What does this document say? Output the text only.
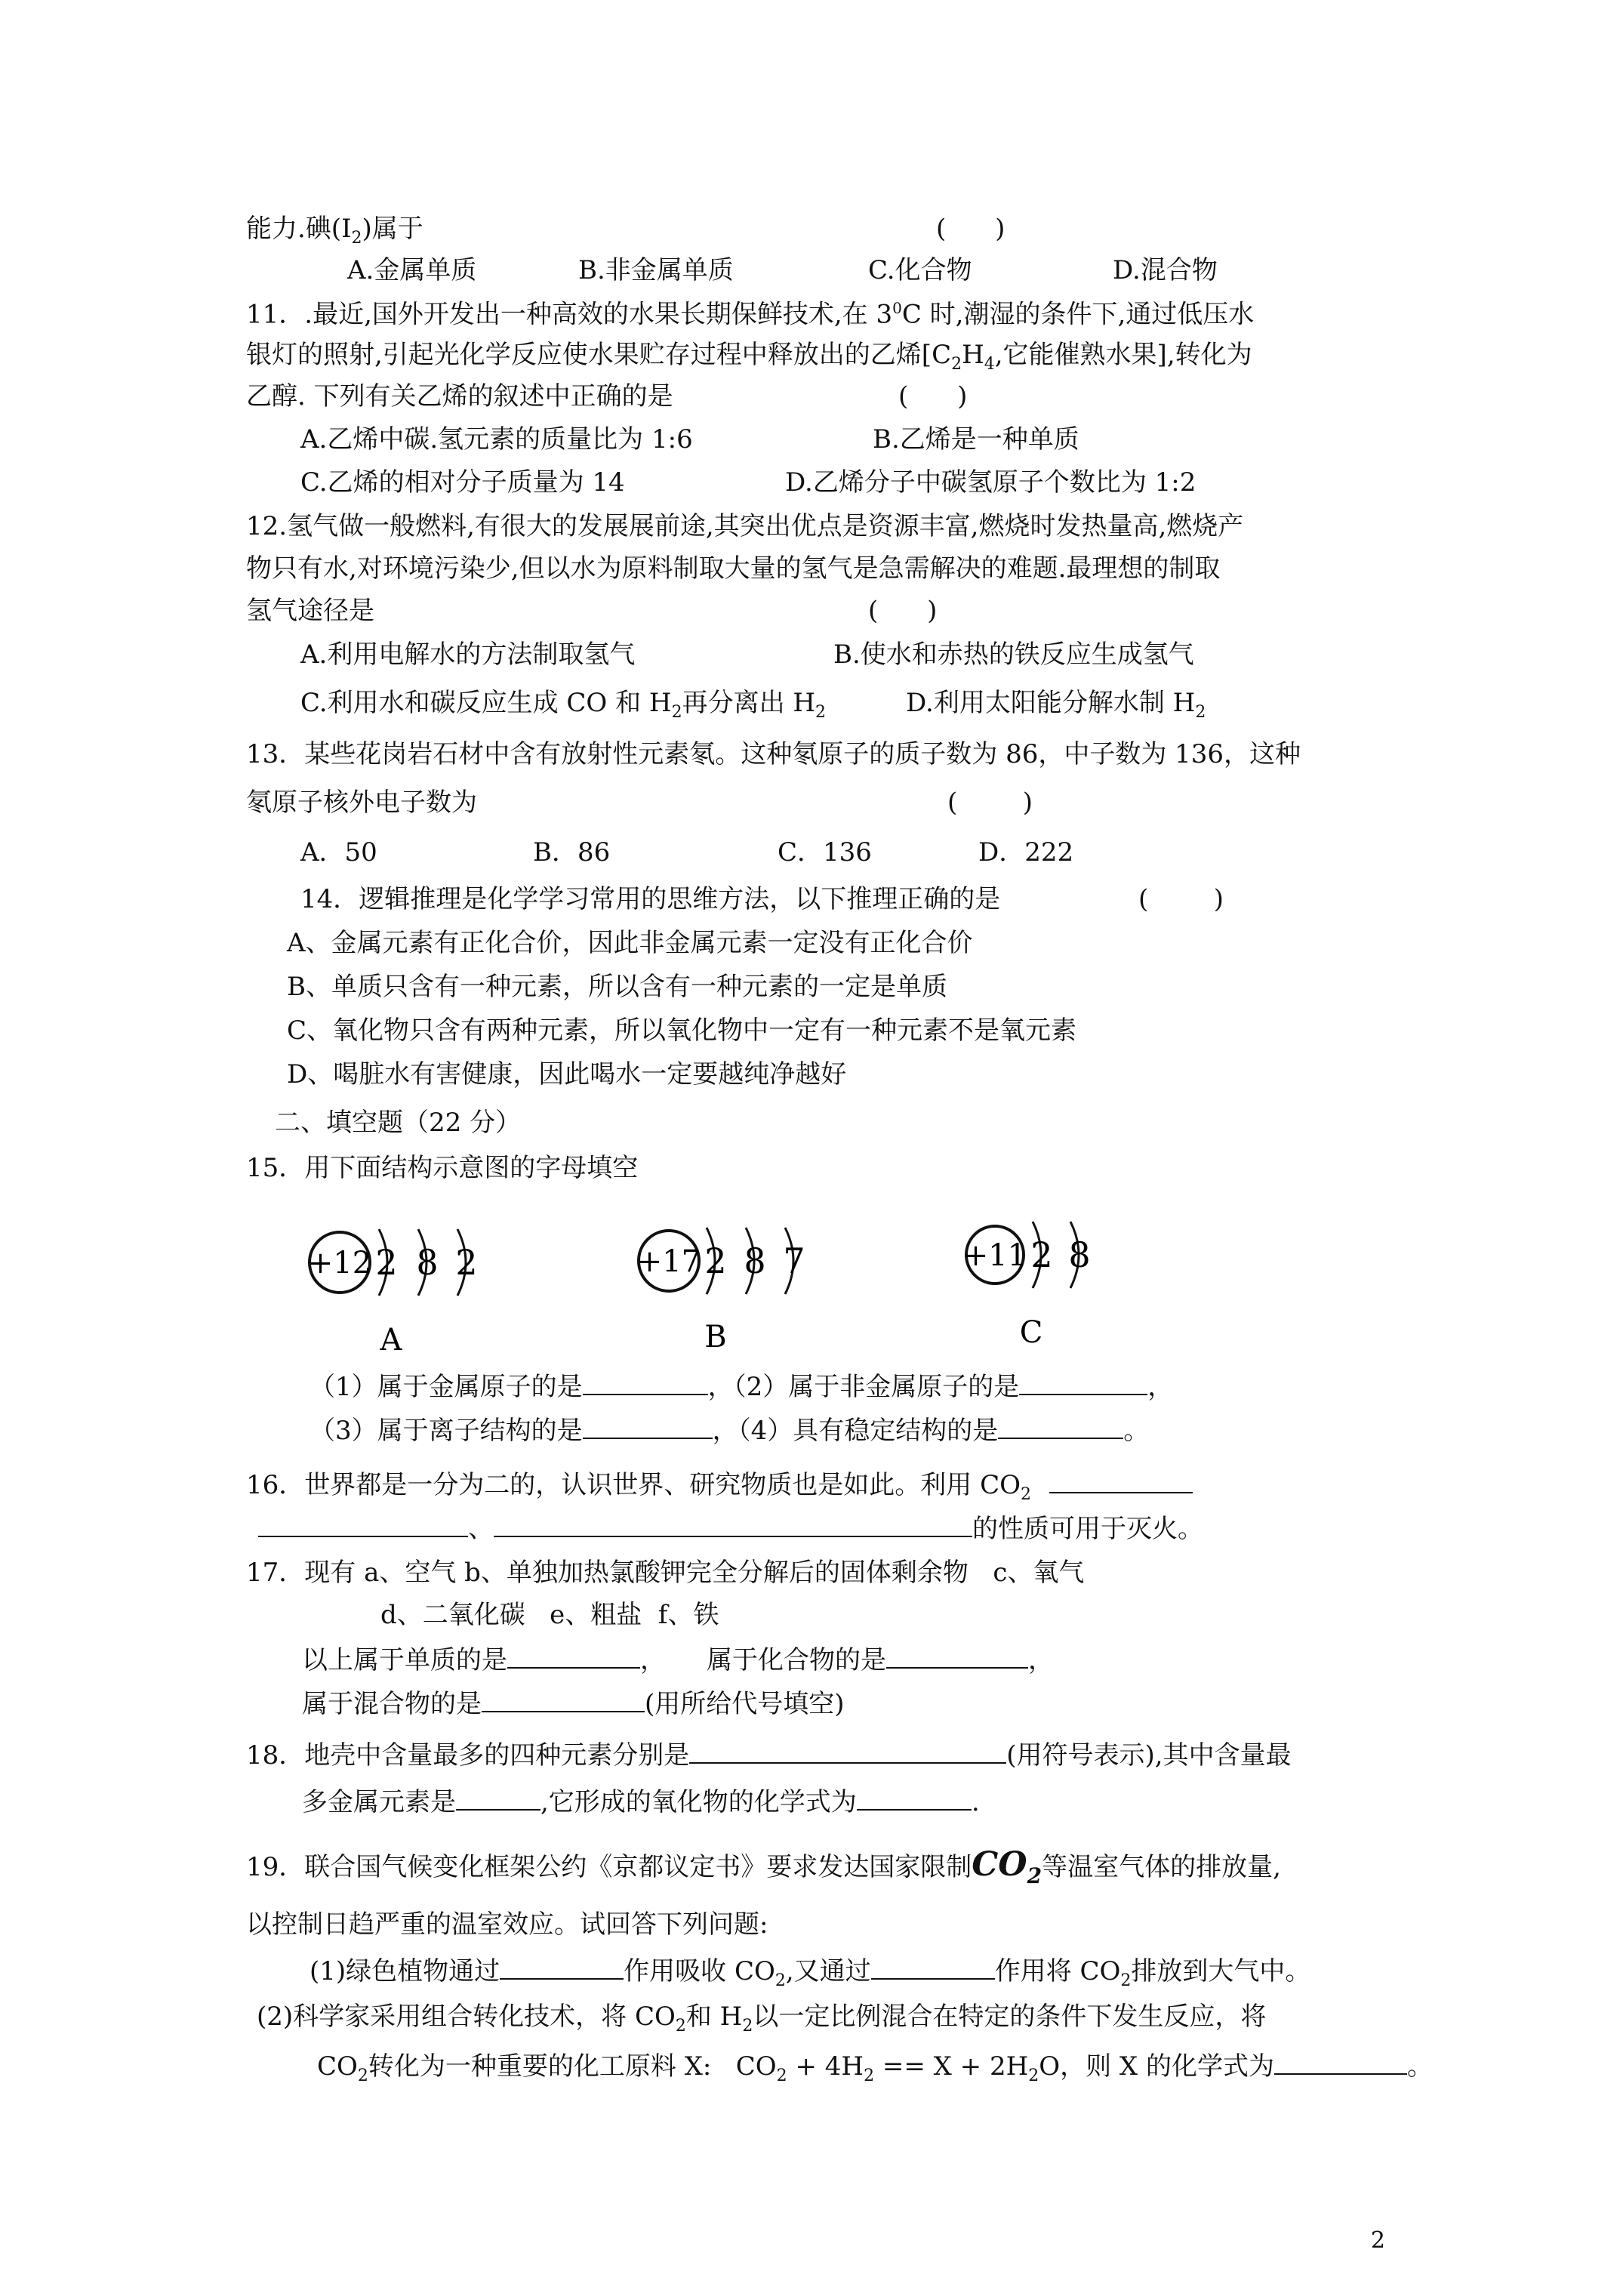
能力.碘$(I_2)$属于	(      )
A.金属单质	B.非金属单质	C.化合物	D.混合物
11．.最近,国外开发出一种高效的水果长期保鲜技术,在 $3^0C$ 时,潮湿的条件下,通过低压水
银灯的照射,引起光化学反应使水果贮存过程中释放出的乙烯[$C_2H_4$,它能催熟水果],转化为
乙醇. 下列有关乙烯的叙述中正确的是	(      )
A.乙烯中碳.氢元素的质量比为 1:6	B.乙烯是一种单质
C.乙烯的相对分子质量为 14	D.乙烯分子中碳氢原子个数比为 1:2
12.氢气做一般燃料,有很大的发展展前途,其突出优点是资源丰富,燃烧时发热量高,燃烧产
物只有水,对环境污染少,但以水为原料制取大量的氢气是急需解决的难题.最理想的制取
氢气途径是	(      )
A.利用电解水的方法制取氢气	B.使水和赤热的铁反应生成氢气
C.利用水和碳反应生成 CO 和 $H_2$再分离出 $H_2$	D.利用太阳能分解水制 $H_2$
13．某些花岗岩石材中含有放射性元素氡。这种氡原子的质子数为 86，中子数为 136，这种
氡原子核外电子数为	(        )
A．50	B．86	C．136	D．222
14．逻辑推理是化学学习常用的思维方法，以下推理正确的是	(        )
A、金属元素有正化合价，因此非金属元素一定没有正化合价
B、单质只含有一种元素，所以含有一种元素的一定是单质
C、氧化物只含有两种元素，所以氧化物中一定有一种元素不是氧元素
D、喝脏水有害健康，因此喝水一定要越纯净越好
二、填空题（22 分）
15．用下面结构示意图的字母填空
+12 2 8 2
A
+17 2 8 7
B
+11 2 8
C
（1）属于金属原子的是	，（2）属于非金属原子的是	，
（3）属于离子结构的是	，（4）具有稳定结构的是	。
16．世界都是一分为二的，认识世界、研究物质也是如此。利用 $CO_2$
、	的性质可用于灭火。
17．现有 a、空气 b、单独加热氯酸钾完全分解后的固体剩余物   c、氧气
d、二氧化碳   e、粗盐  f、铁
以上属于单质的是	，     属于化合物的是	，
属于混合物的是	(用所给代号填空)
18．地壳中含量最多的四种元素分别是	(用符号表示),其中含量最
多金属元素是	,它形成的氧化物的化学式为	.
19．联合国气候变化框架公约《京都议定书》要求发达国家限制$CO_2$等温室气体的排放量,
以控制日趋严重的温室效应。试回答下列问题:
(1)绿色植物通过	作用吸收 $CO_2$,又通过	作用将 $CO_2$排放到大气中。
(2)科学家采用组合转化技术，将 $CO_2$和 $H_2$以一定比例混合在特定的条件下发生反应，将
$CO_2$转化为一种重要的化工原料 X:   $CO_2 + 4H_2 == X + 2H_2O$，则 X 的化学式为	。
2
